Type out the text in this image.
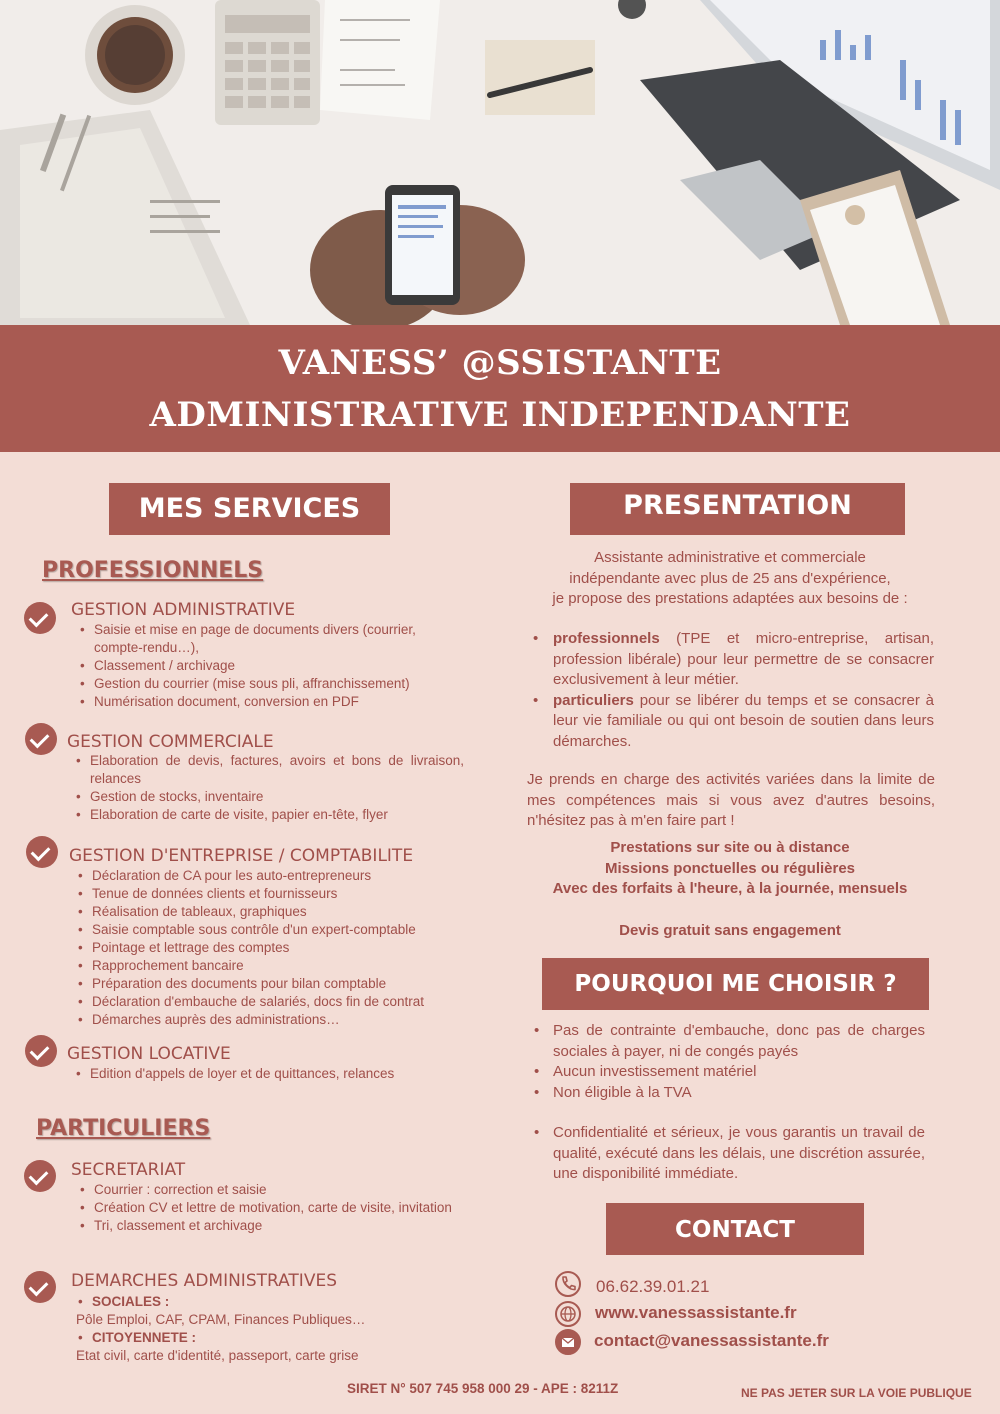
VANESS’ @SSISTANTE
ADMINISTRATIVE INDEPENDANTE
MES SERVICES
PROFESSIONNELS
GESTION ADMINISTRATIVE
• Saisie et mise en page de documents divers (courrier, compte-rendu…),
• Classement / archivage
• Gestion du courrier (mise sous pli, affranchissement)
• Numérisation document, conversion en PDF
GESTION COMMERCIALE
• Elaboration de devis, factures, avoirs et bons de livraison, relances
• Gestion de stocks, inventaire
• Elaboration de carte de visite, papier en-tête, flyer
GESTION D'ENTREPRISE / COMPTABILITE
• Déclaration de CA pour les auto-entrepreneurs
• Tenue de données clients et fournisseurs
• Réalisation de tableaux, graphiques
• Saisie comptable sous contrôle d'un expert-comptable
• Pointage et lettrage des comptes
• Rapprochement bancaire
• Préparation des documents pour bilan comptable
• Déclaration d'embauche de salariés, docs fin de contrat
• Démarches auprès des administrations…
GESTION LOCATIVE
• Edition d'appels de loyer et de quittances, relances
PARTICULIERS
SECRETARIAT
• Courrier : correction et saisie
• Création CV et lettre de motivation, carte de visite, invitation
• Tri, classement et archivage
DEMARCHES ADMINISTRATIVES
• SOCIALES :
Pôle Emploi, CAF, CPAM, Finances Publiques…
• CITOYENNETE :
Etat civil, carte d'identité, passeport, carte grise
PRESENTATION
Assistante administrative et commerciale
indépendante avec plus de 25 ans d'expérience,
je propose des prestations adaptées aux besoins de :
• professionnels (TPE et micro-entreprise, artisan, profession libérale) pour leur permettre de se consacrer exclusivement à leur métier.
• particuliers pour se libérer du temps et se consacrer à leur vie familiale ou qui ont besoin de soutien dans leurs démarches.
Je prends en charge des activités variées dans la limite de mes compétences mais si vous avez d'autres besoins, n'hésitez pas à m'en faire part !
Prestations sur site ou à distance
Missions ponctuelles ou régulières
Avec des forfaits à l'heure, à la journée, mensuels
Devis gratuit sans engagement
POURQUOI ME CHOISIR ?
• Pas de contrainte d'embauche, donc pas de charges sociales à payer, ni de congés payés
• Aucun investissement matériel
• Non éligible à la TVA
• Confidentialité et sérieux, je vous garantis un travail de qualité, exécuté dans les délais, une discrétion assurée, une disponibilité immédiate.
CONTACT
06.62.39.01.21
www.vanessassistante.fr
contact@vanessassistante.fr
SIRET N° 507 745 958 000 29 - APE : 8211Z	NE PAS JETER SUR LA VOIE PUBLIQUE
